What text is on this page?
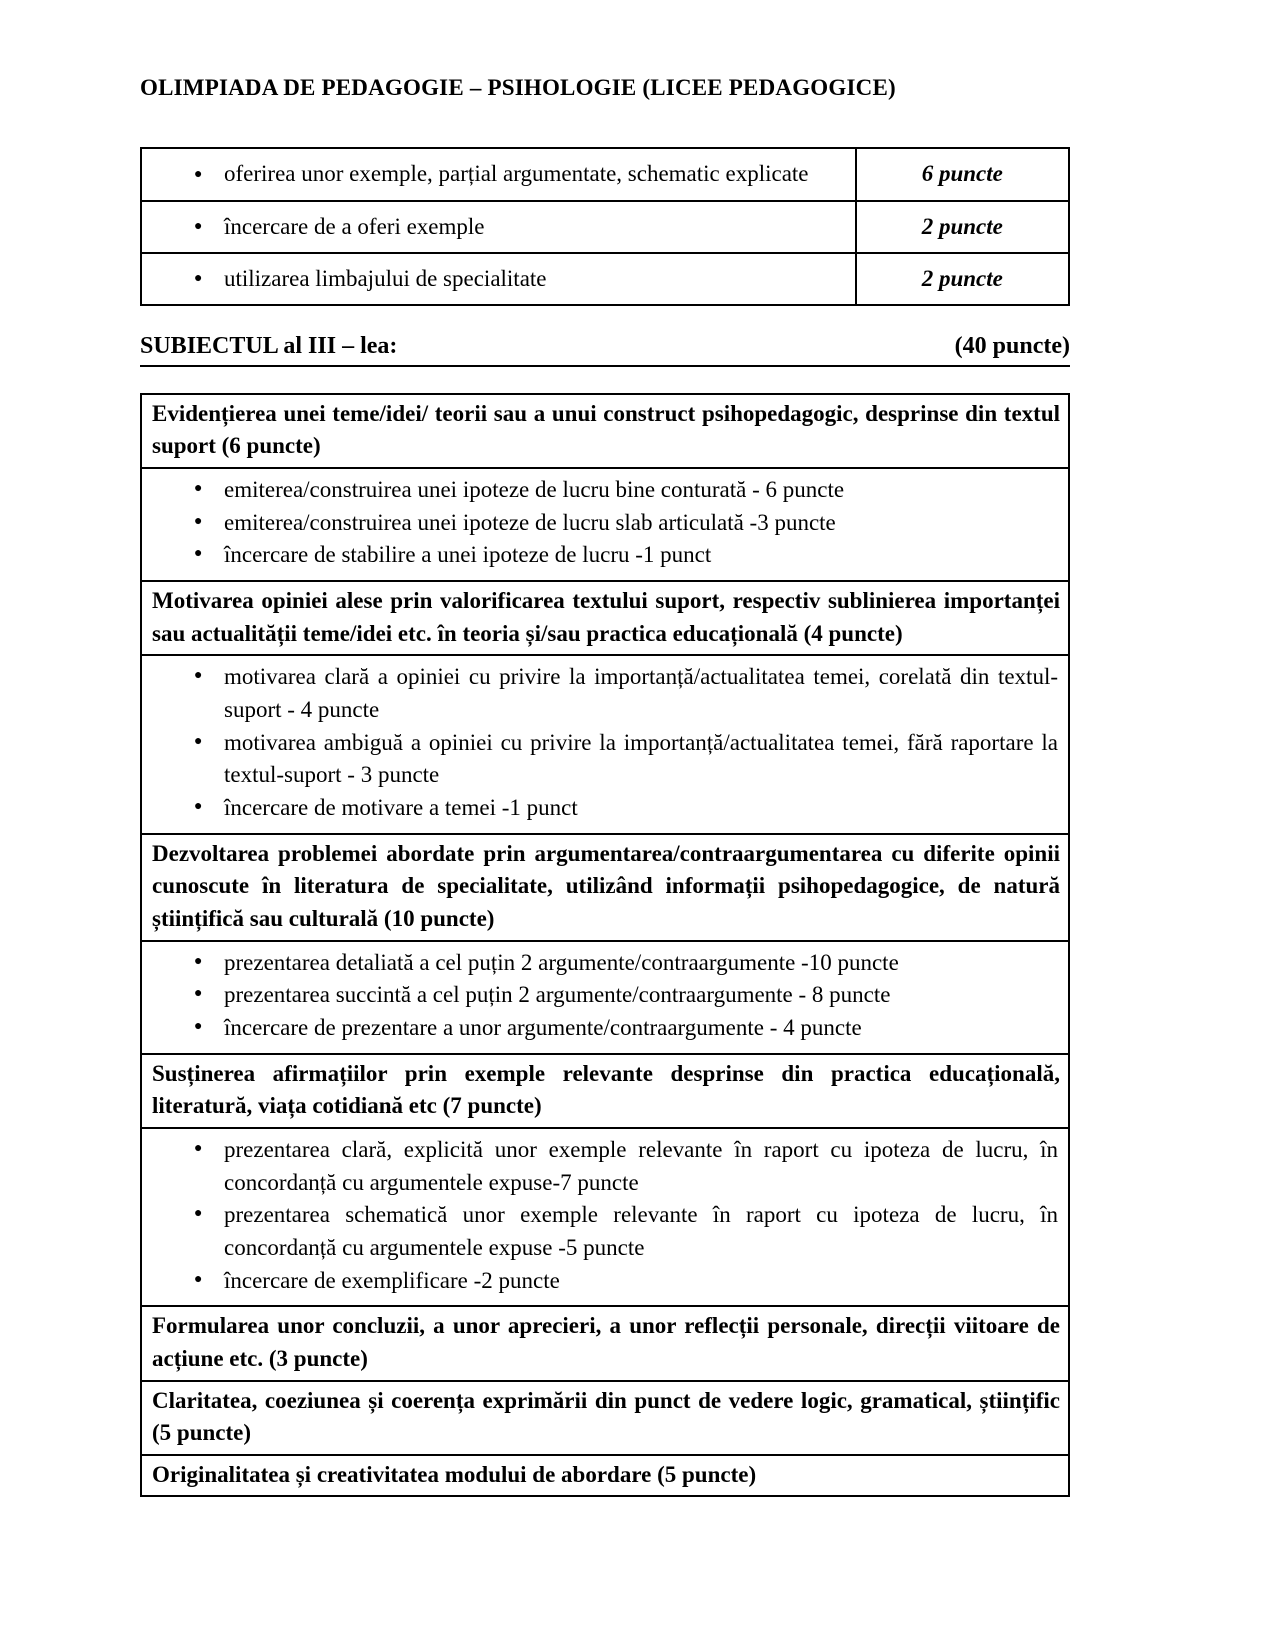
OLIMPIADA DE PEDAGOGIE – PSIHOLOGIE (LICEE PEDAGOGICE)
● oferirea unor exemple, parțial argumentate, schematic explicate	6 puncte

● încercare de a oferi exemple	2 puncte

● utilizarea limbajului de specialitate	2 puncte
SUBIECTUL al III – lea:	(40 puncte)
Evidențierea unei teme/idei/ teorii sau a unui construct psihopedagogic, desprinse din textul suport (6 puncte)
● emiterea/construirea unei ipoteze de lucru bine conturată - 6 puncte
● emiterea/construirea unei ipoteze de lucru slab articulată -3 puncte
● încercare de stabilire a unei ipoteze de lucru -1 punct
Motivarea opiniei alese prin valorificarea textului suport, respectiv sublinierea importanței sau actualității teme/idei etc. în teoria și/sau practica educațională (4 puncte)
● motivarea clară a opiniei cu privire la importanță/actualitatea temei, corelată din textul-suport - 4 puncte
● motivarea ambiguă a opiniei cu privire la importanță/actualitatea temei, fără raportare la textul-suport - 3 puncte
● încercare de motivare a temei -1 punct
Dezvoltarea problemei abordate prin argumentarea/contraargumentarea cu diferite opinii cunoscute în literatura de specialitate, utilizând informații psihopedagogice, de natură științifică sau culturală (10 puncte)
● prezentarea detaliată a cel puțin 2 argumente/contraargumente -10 puncte
● prezentarea succintă a cel puțin 2 argumente/contraargumente - 8 puncte
● încercare de prezentare a unor argumente/contraargumente - 4 puncte
Susținerea afirmațiilor prin exemple relevante desprinse din practica educațională, literatură, viața cotidiană etc (7 puncte)
● prezentarea clară, explicită unor exemple relevante în raport cu ipoteza de lucru, în concordanță cu argumentele expuse-7 puncte
● prezentarea schematică unor exemple relevante în raport cu ipoteza de lucru, în concordanță cu argumentele expuse -5 puncte
● încercare de exemplificare -2 puncte
Formularea unor concluzii, a unor aprecieri, a unor reflecții personale, direcții viitoare de acțiune etc. (3 puncte)
Claritatea, coeziunea și coerența exprimării din punct de vedere logic, gramatical, științific (5 puncte)
Originalitatea și creativitatea modului de abordare (5 puncte)
